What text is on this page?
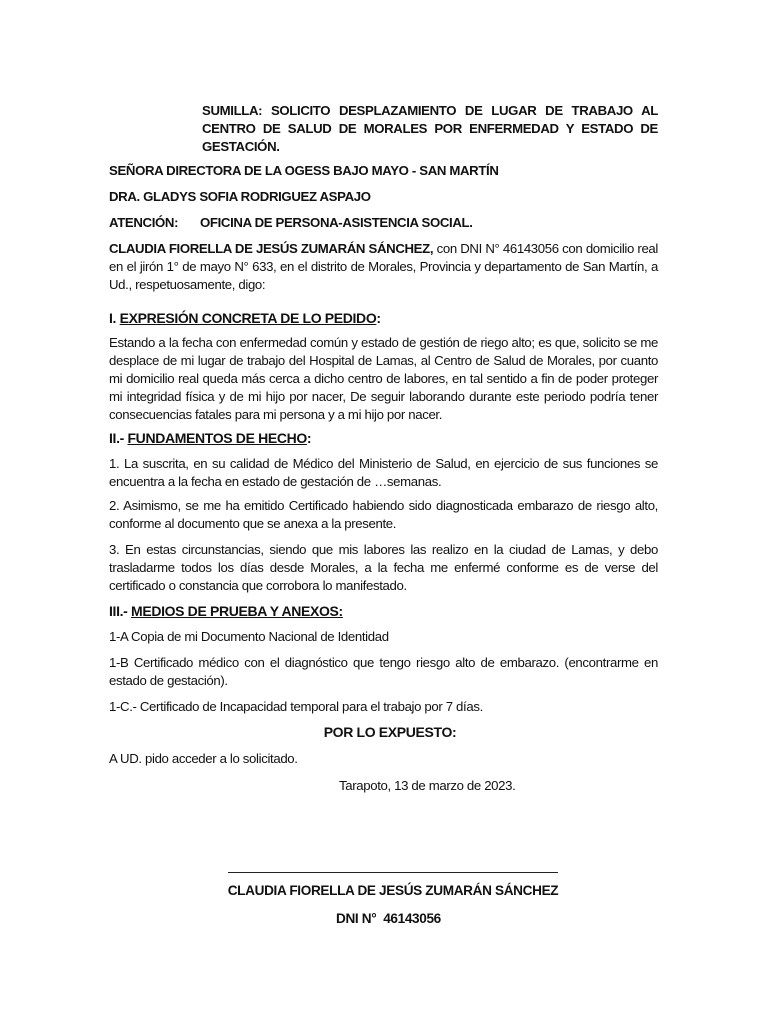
SUMILLA: SOLICITO DESPLAZAMIENTO DE LUGAR DE TRABAJO AL CENTRO DE SALUD DE MORALES POR ENFERMEDAD Y ESTADO DE GESTACIÓN.

SEÑORA DIRECTORA DE LA OGESS BAJO MAYO - SAN MARTÍN

DRA. GLADYS SOFIA RODRIGUEZ ASPAJO

ATENCIÓN: OFICINA DE PERSONA-ASISTENCIA SOCIAL.

CLAUDIA FIORELLA DE JESÚS ZUMARÁN SÁNCHEZ, con DNI N° 46143056 con domicilio real en el jirón 1° de mayo N° 633, en el distrito de Morales, Provincia y departamento de San Martín, a Ud., respetuosamente, digo:

I. EXPRESIÓN CONCRETA DE LO PEDIDO:

Estando a la fecha con enfermedad común y estado de gestión de riego alto; es que, solicito se me desplace de mi lugar de trabajo del Hospital de Lamas, al Centro de Salud de Morales, por cuanto mi domicilio real queda más cerca a dicho centro de labores, en tal sentido a fin de poder proteger mi integridad física y de mi hijo por nacer, De seguir laborando durante este periodo podría tener consecuencias fatales para mi persona y a mi hijo por nacer.

II.- FUNDAMENTOS DE HECHO:

1. La suscrita, en su calidad de Médico del Ministerio de Salud, en ejercicio de sus funciones se encuentra a la fecha en estado de gestación de …semanas.

2. Asimismo, se me ha emitido Certificado habiendo sido diagnosticada embarazo de riesgo alto, conforme al documento que se anexa a la presente.

3. En estas circunstancias, siendo que mis labores las realizo en la ciudad de Lamas, y debo trasladarme todos los días desde Morales, a la fecha me enfermé conforme es de verse del certificado o constancia que corrobora lo manifestado.

III.- MEDIOS DE PRUEBA Y ANEXOS:

1-A Copia de mi Documento Nacional de Identidad

1-B Certificado médico con el diagnóstico que tengo riesgo alto de embarazo. (encontrarme en estado de gestación).

1-C.- Certificado de Incapacidad temporal para el trabajo por 7 días.

POR LO EXPUESTO:

A UD. pido acceder a lo solicitado.

Tarapoto, 13 de marzo de 2023.

CLAUDIA FIORELLA DE JESÚS ZUMARÁN SÁNCHEZ

DNI N°  46143056
